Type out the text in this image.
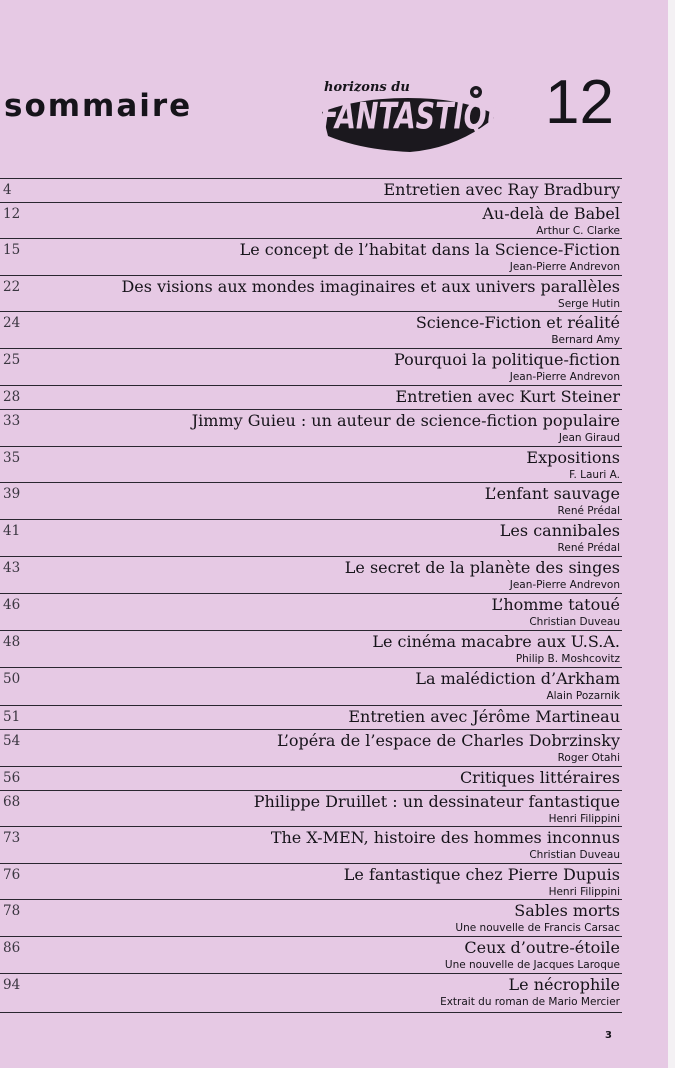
sommaire
horizons du
FANTASTIQUE 12
4	Entretien avec Ray Bradbury
12	Au-delà de Babel
Arthur C. Clarke
15	Le concept de l’habitat dans la Science-Fiction
Jean-Pierre Andrevon
22	Des visions aux mondes imaginaires et aux univers parallèles
Serge Hutin
24	Science-Fiction et réalité
Bernard Amy
25	Pourquoi la politique-fiction
Jean-Pierre Andrevon
28	Entretien avec Kurt Steiner
33	Jimmy Guieu : un auteur de science-fiction populaire
Jean Giraud
35	Expositions
F. Lauri A.
39	L’enfant sauvage
René Prédal
41	Les cannibales
René Prédal
43	Le secret de la planète des singes
Jean-Pierre Andrevon
46	L’homme tatoué
Christian Duveau
48	Le cinéma macabre aux U.S.A.
Philip B. Moshcovitz
50	La malédiction d’Arkham
Alain Pozarnik
51	Entretien avec Jérôme Martineau
54	L’opéra de l’espace de Charles Dobrzinsky
Roger Otahi
56	Critiques littéraires
68	Philippe Druillet : un dessinateur fantastique
Henri Filippini
73	The X-MEN, histoire des hommes inconnus
Christian Duveau
76	Le fantastique chez Pierre Dupuis
Henri Filippini
78	Sables morts
Une nouvelle de Francis Carsac
86	Ceux d’outre-étoile
Une nouvelle de Jacques Laroque
94	Le nécrophile
Extrait du roman de Mario Mercier
3
